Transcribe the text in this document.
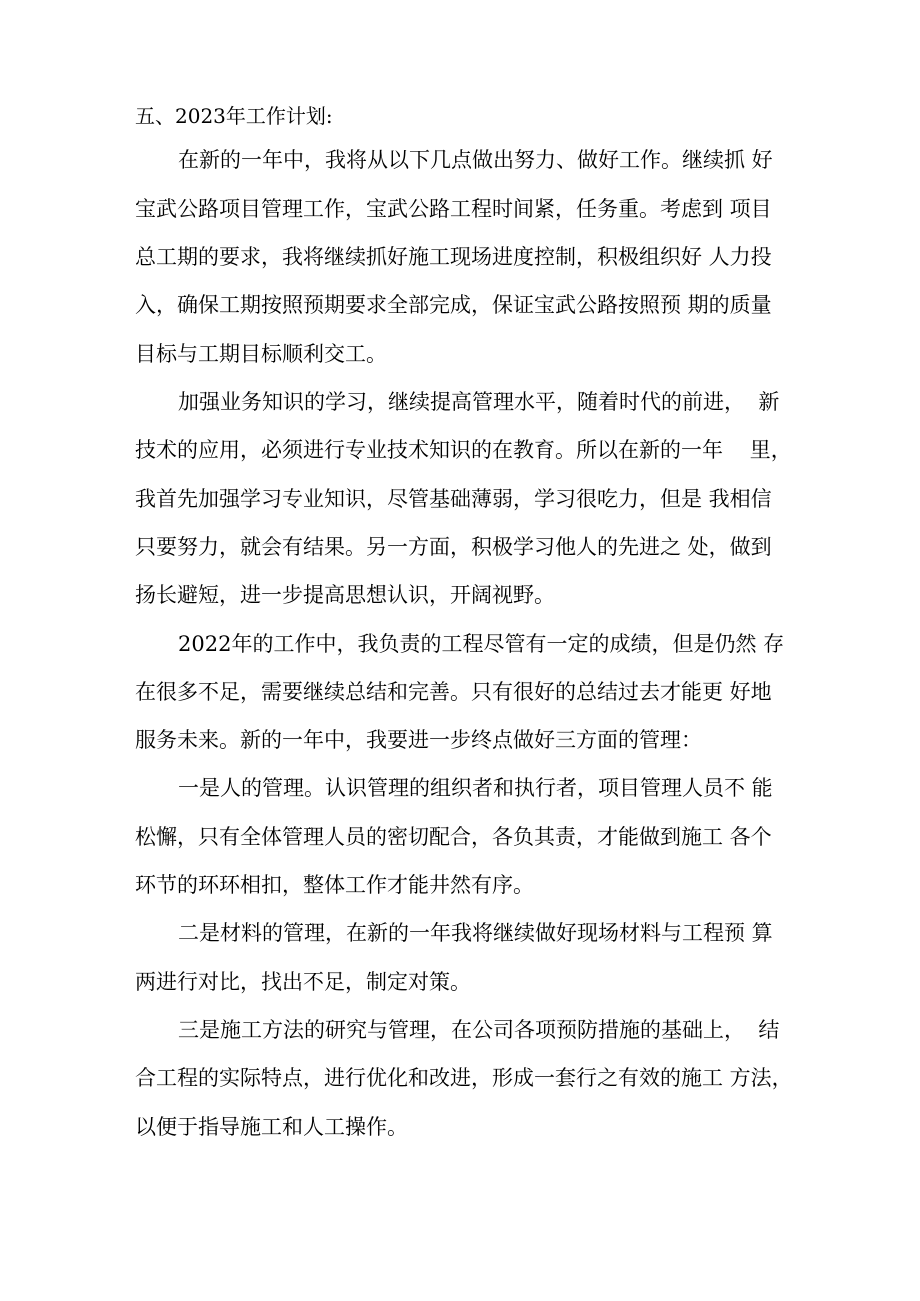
五、2023年工作计划:

在新的一年中，我将从以下几点做出努力、做好工作。继续抓 好

宝武公路项目管理工作，宝武公路工程时间紧，任务重。考虑到 项目

总工期的要求，我将继续抓好施工现场进度控制，积极组织好 人力投

入，确保工期按照预期要求全部完成，保证宝武公路按照预 期的质量

目标与工期目标顺利交工。

加强业务知识的学习，继续提高管理水平，随着时代的前进，  新

技术的应用，必须进行专业技术知识的在教育。所以在新的一年    里，

我首先加强学习专业知识，尽管基础薄弱，学习很吃力，但是 我相信

只要努力，就会有结果。另一方面，积极学习他人的先进之 处，做到

扬长避短，进一步提高思想认识，开阔视野。

2022年的工作中，我负责的工程尽管有一定的成绩，但是仍然 存

在很多不足，需要继续总结和完善。只有很好的总结过去才能更 好地

服务未来。新的一年中，我要进一步终点做好三方面的管理：

一是人的管理。认识管理的组织者和执行者，项目管理人员不 能

松懈，只有全体管理人员的密切配合，各负其责，才能做到施工 各个

环节的环环相扣，整体工作才能井然有序。

二是材料的管理，在新的一年我将继续做好现场材料与工程预 算

两进行对比，找出不足，制定对策。

三是施工方法的研究与管理，在公司各项预防措施的基础上，  结

合工程的实际特点，进行优化和改进，形成一套行之有效的施工 方法，

以便于指导施工和人工操作。
